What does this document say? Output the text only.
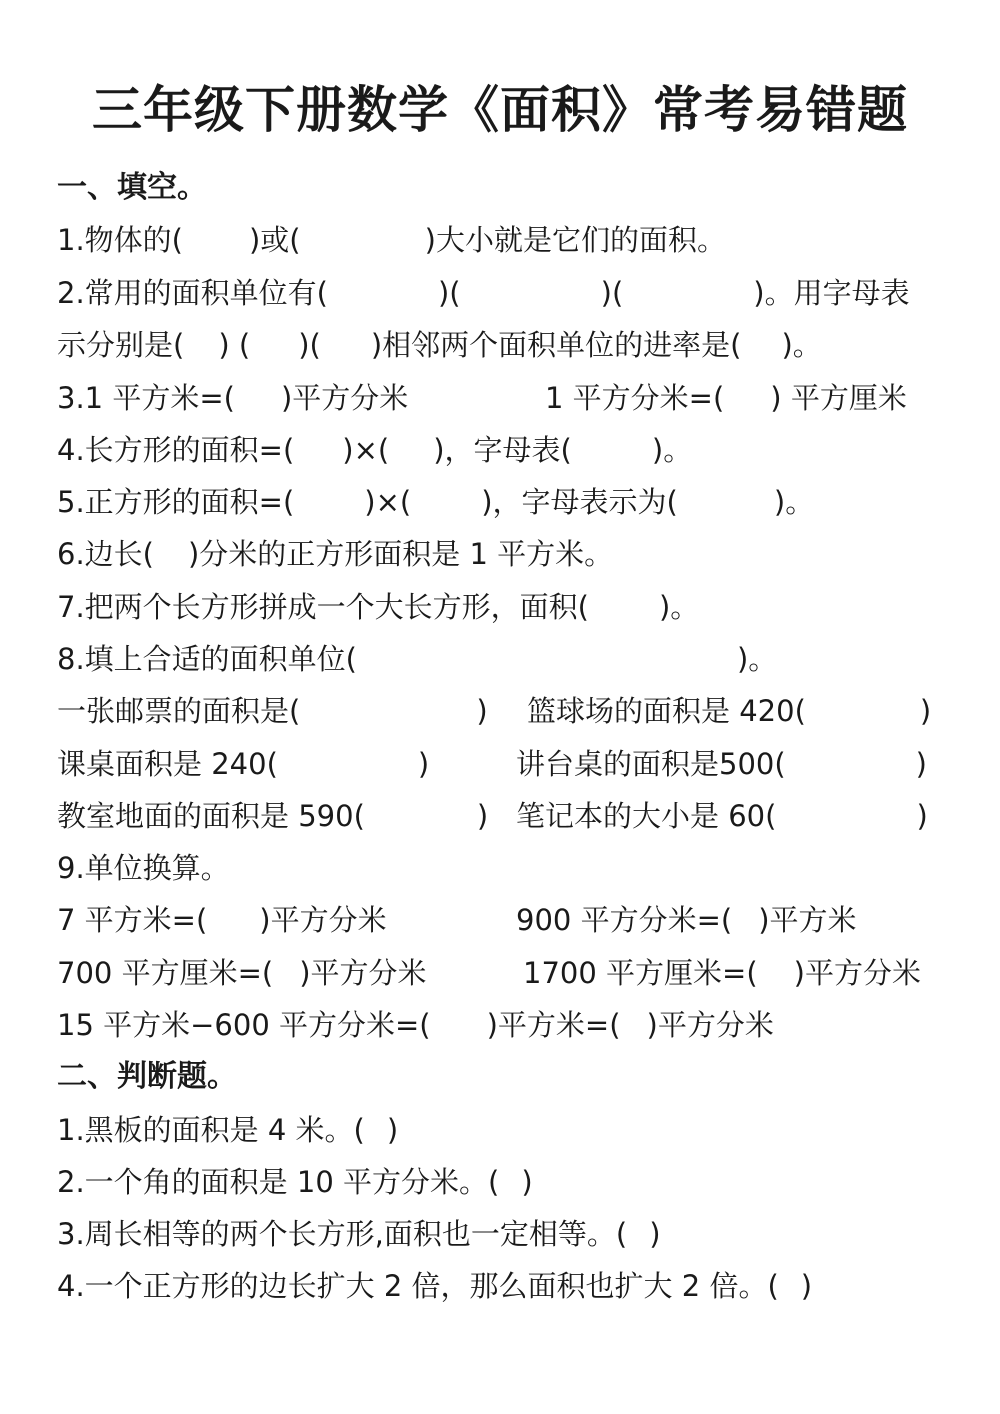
三年级下册数学《面积》常考易错题

一、填空。

1.物体的( )或(	)大小就是它们的面积。

2.常用的面积单位有(	)(	)(	)。用字母表

示分别是( ) ( )( )相邻两个面积单位的进率是( )。

3.1 平方米=( )平方分米	1 平方分米=( ) 平方厘米

4.长方形的面积=( )×( )，字母表(	)。

5.正方形的面积=( )×( )，字母表示为(	)。

6.边长( )分米的正方形面积是 1 平方米。

7.把两个长方形拼成一个大长方形，面积( )。

8.填上合适的面积单位(	)。

一张邮票的面积是(	) 篮球场的面积是 420(	)

课桌面积是 240(	)	讲台桌的面积是500(	)

教室地面的面积是 590(	) 笔记本的大小是 60(	)

9.单位换算。

7 平方米=( )平方分米	900 平方分米=( )平方米

700 平方厘米=( )平方分米	1700 平方厘米=( )平方分米

15 平方米−600 平方分米=( )平方米=( )平方分米

二、判断题。

1.黑板的面积是 4 米。( )

2.一个角的面积是 10 平方分米。( )

3.周长相等的两个长方形,面积也一定相等。( )

4.一个正方形的边长扩大 2 倍，那么面积也扩大 2 倍。( )
